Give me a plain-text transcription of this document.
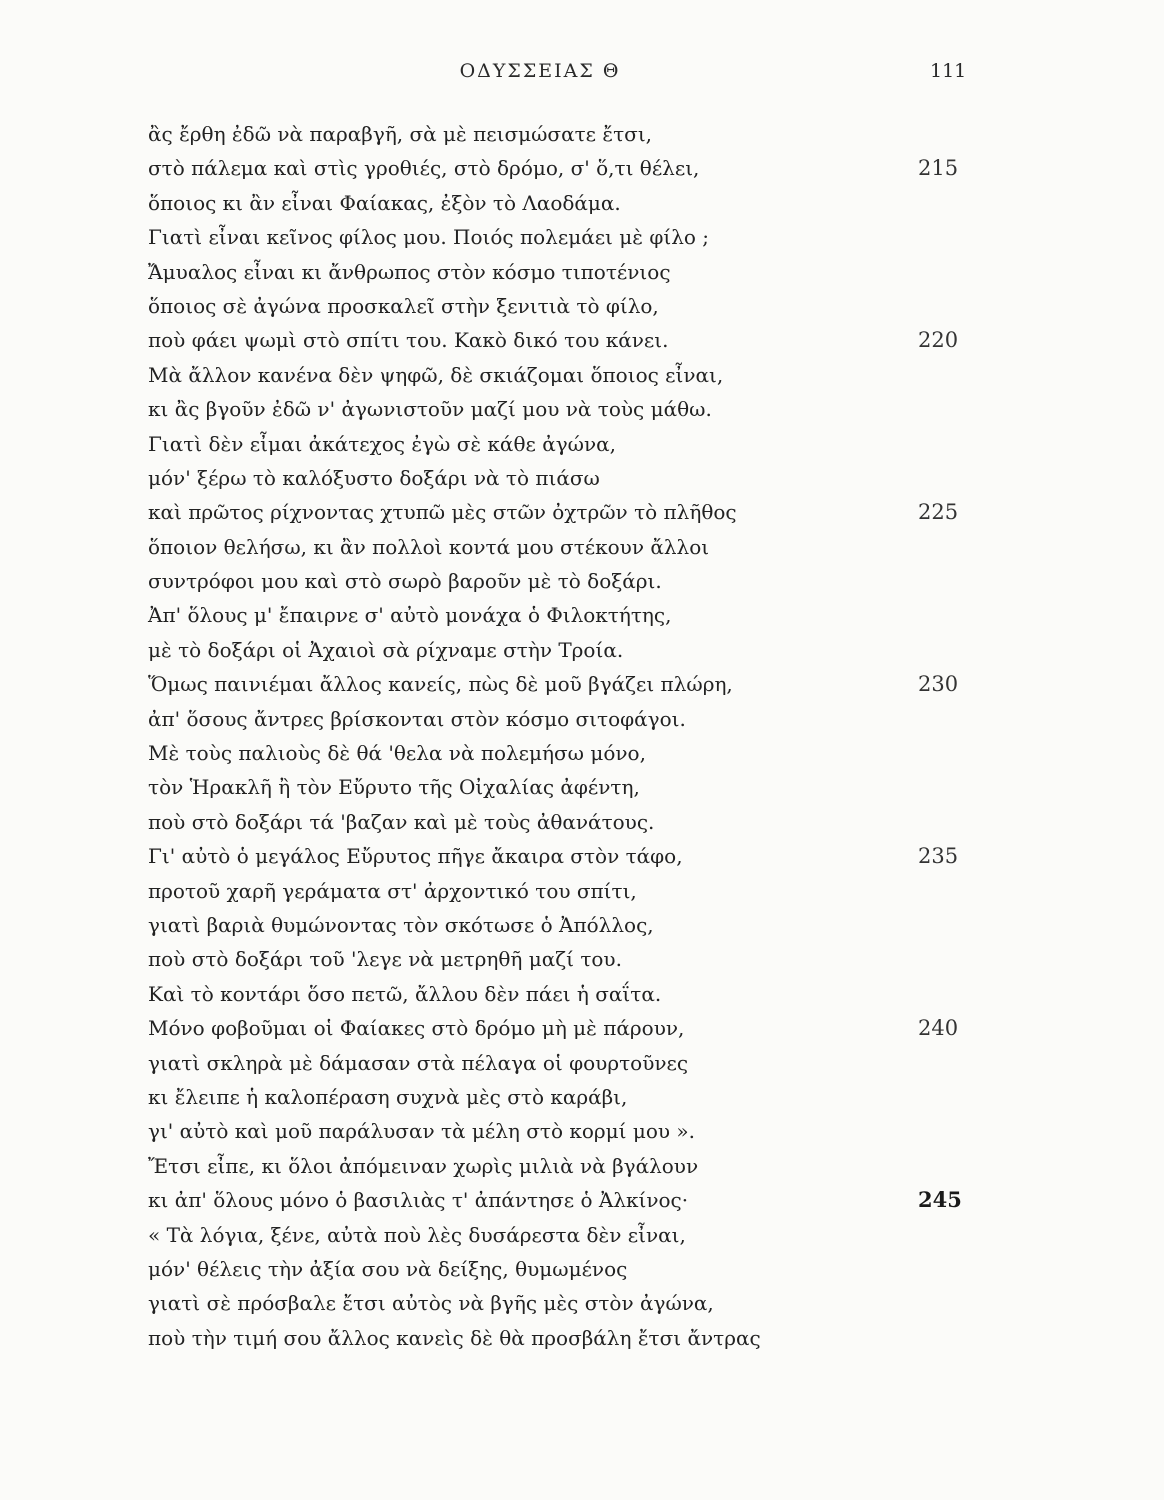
ΟΔΥΣΣΕΙΑΣ Θ	111
ἂς ἔρθη ἐδῶ νὰ παραβγῆ, σὰ μὲ πεισμώσατε ἔτσι,
στὸ πάλεμα καὶ στὶς γροθιές, στὸ δρόμο, σ' ὅ,τι θέλει,	215
ὅποιος κι ἂν εἶναι Φαίακας, ἐξὸν τὸ Λαοδάμα.
Γιατὶ εἶναι κεῖνος φίλος μου. Ποιός πολεμάει μὲ φίλο ;
Ἄμυαλος εἶναι κι ἄνθρωπος στὸν κόσμο τιποτένιος
ὅποιος σὲ ἀγώνα προσκαλεῖ στὴν ξενιτιὰ τὸ φίλο,
ποὺ φάει ψωμὶ στὸ σπίτι του. Κακὸ δικό του κάνει.	220
Μὰ ἄλλον κανένα δὲν ψηφῶ, δὲ σκιάζομαι ὅποιος εἶναι,
κι ἂς βγοῦν ἐδῶ ν' ἀγωνιστοῦν μαζί μου νὰ τοὺς μάθω.
Γιατὶ δὲν εἶμαι ἀκάτεχος ἐγὼ σὲ κάθε ἀγώνα,
μόν' ξέρω τὸ καλόξυστο δοξάρι νὰ τὸ πιάσω
καὶ πρῶτος ρίχνοντας χτυπῶ μὲς στῶν ὀχτρῶν τὸ πλῆθος	225
ὅποιον θελήσω, κι ἂν πολλοὶ κοντά μου στέκουν ἄλλοι
συντρόφοι μου καὶ στὸ σωρὸ βαροῦν μὲ τὸ δοξάρι.
Ἀπ' ὅλους μ' ἔπαιρνε σ' αὐτὸ μονάχα ὁ Φιλοκτήτης,
μὲ τὸ δοξάρι οἱ Ἀχαιοὶ σὰ ρίχναμε στὴν Τροία.
Ὅμως παινιέμαι ἄλλος κανείς, πὼς δὲ μοῦ βγάζει πλώρη,	230
ἀπ' ὅσους ἄντρες βρίσκονται στὸν κόσμο σιτοφάγοι.
Μὲ τοὺς παλιοὺς δὲ θά 'θελα νὰ πολεμήσω μόνο,
τὸν Ἡρακλῆ ἢ τὸν Εὔρυτο τῆς Οἰχαλίας ἀφέντη,
ποὺ στὸ δοξάρι τά 'βαζαν καὶ μὲ τοὺς ἀθανάτους.
Γι' αὐτὸ ὁ μεγάλος Εὔρυτος πῆγε ἄκαιρα στὸν τάφο,	235
προτοῦ χαρῆ γεράματα στ' ἀρχοντικό του σπίτι,
γιατὶ βαριὰ θυμώνοντας τὸν σκότωσε ὁ Ἀπόλλος,
ποὺ στὸ δοξάρι τοῦ 'λεγε νὰ μετρηθῆ μαζί του.
Καὶ τὸ κοντάρι ὅσο πετῶ, ἄλλου δὲν πάει ἡ σαΐτα.
Μόνο φοβοῦμαι οἱ Φαίακες στὸ δρόμο μὴ μὲ πάρουν,	240
γιατὶ σκληρὰ μὲ δάμασαν στὰ πέλαγα οἱ φουρτοῦνες
κι ἔλειπε ἡ καλοπέραση συχνὰ μὲς στὸ καράβι,
γι' αὐτὸ καὶ μοῦ παράλυσαν τὰ μέλη στὸ κορμί μου ».
Ἔτσι εἶπε, κι ὅλοι ἀπόμειναν χωρὶς μιλιὰ νὰ βγάλουν
κι ἀπ' ὅλους μόνο ὁ βασιλιὰς τ' ἀπάντησε ὁ Ἀλκίνος·	245
« Τὰ λόγια, ξένε, αὐτὰ ποὺ λὲς δυσάρεστα δὲν εἶναι,
μόν' θέλεις τὴν ἀξία σου νὰ δείξης, θυμωμένος
γιατὶ σὲ πρόσβαλε ἔτσι αὐτὸς νὰ βγῆς μὲς στὸν ἀγώνα,
ποὺ τὴν τιμή σου ἄλλος κανεὶς δὲ θὰ προσβάλη ἔτσι ἄντρας
